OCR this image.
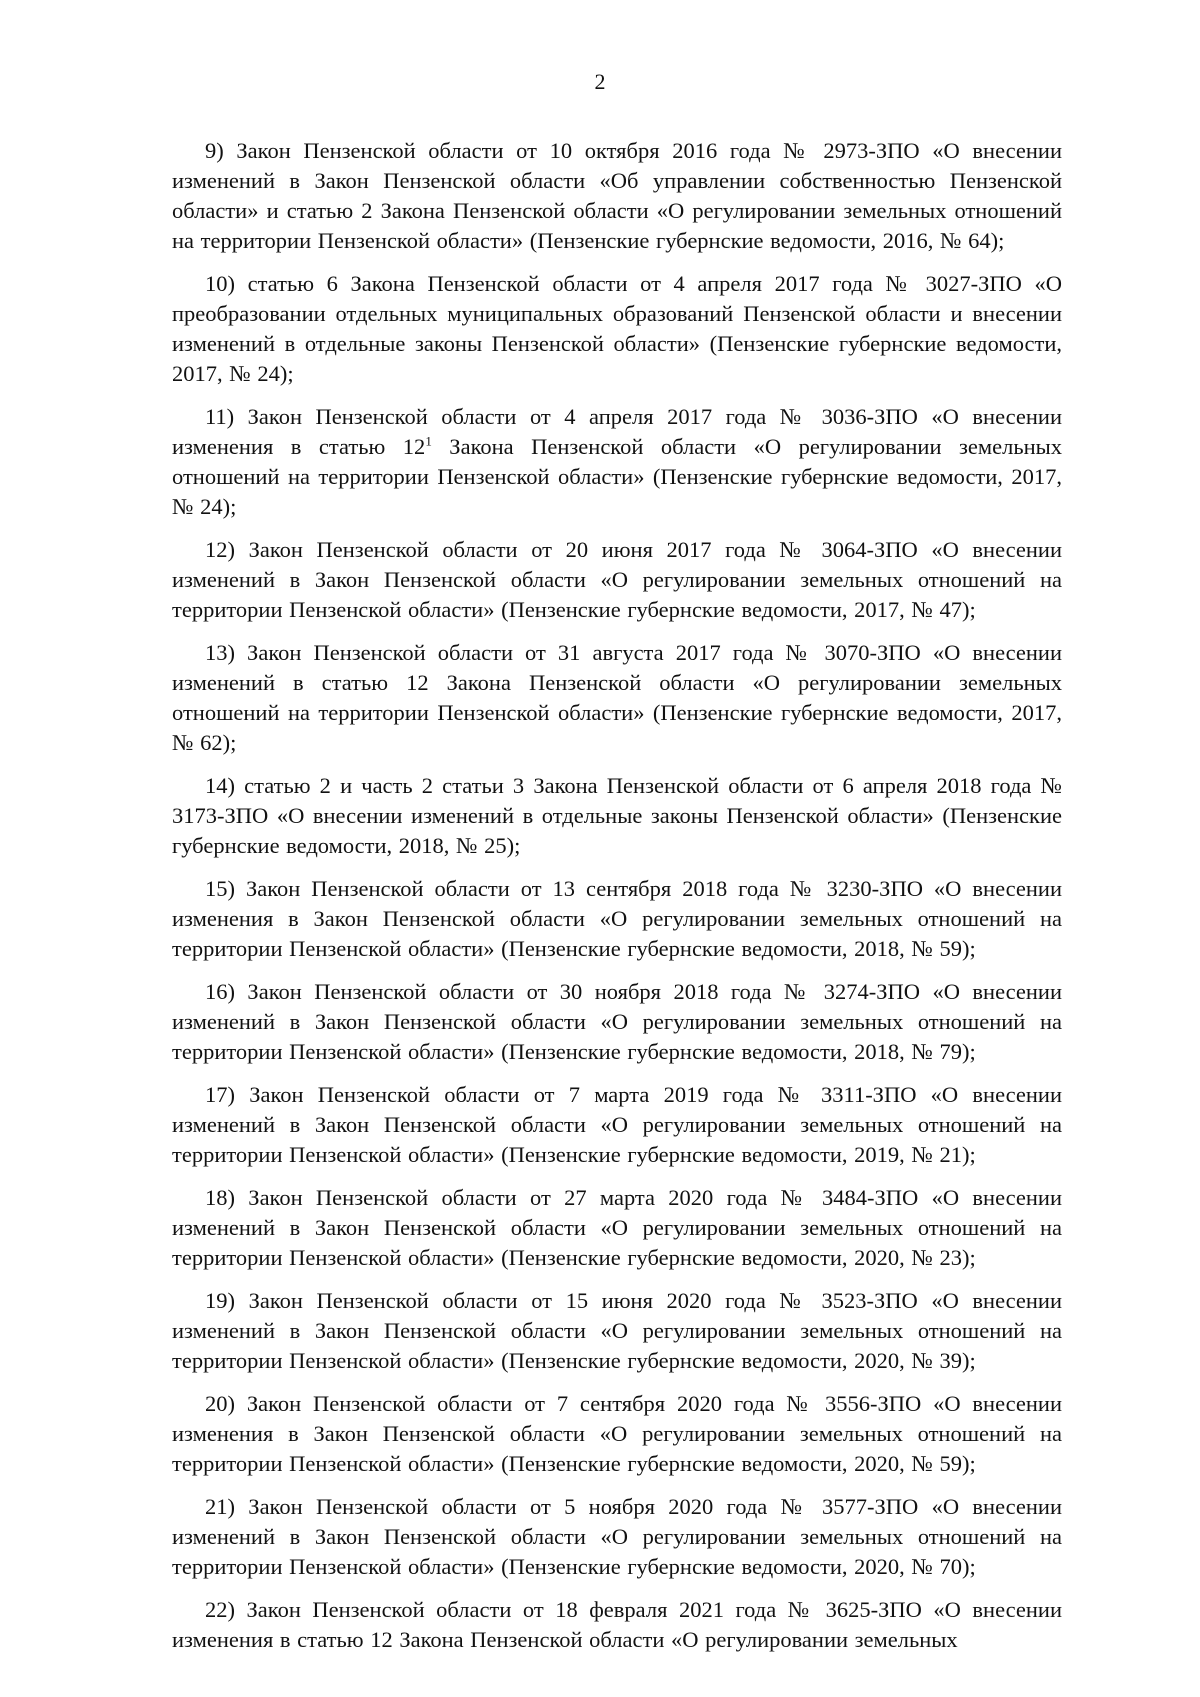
2

9) Закон Пензенской области от 10 октября 2016 года № 2973-ЗПО «О внесении изменений в Закон Пензенской области «Об управлении собственностью Пензенской области» и статью 2 Закона Пензенской области «О регулировании земельных отношений на территории Пензенской области» (Пензенские губернские ведомости, 2016, № 64);

10) статью 6 Закона Пензенской области от 4 апреля 2017 года № 3027-ЗПО «О преобразовании отдельных муниципальных образований Пензенской области и внесении изменений в отдельные законы Пензенской области» (Пензенские губернские ведомости, 2017, № 24);

11) Закон Пензенской области от 4 апреля 2017 года № 3036-ЗПО «О внесении изменения в статью $12^1$ Закона Пензенской области «О регулировании земельных отношений на территории Пензенской области» (Пензенские губернские ведомости, 2017, № 24);

12) Закон Пензенской области от 20 июня 2017 года № 3064-ЗПО «О внесении изменений в Закон Пензенской области «О регулировании земельных отношений на территории Пензенской области» (Пензенские губернские ведомости, 2017, № 47);

13) Закон Пензенской области от 31 августа 2017 года № 3070-ЗПО «О внесении изменений в статью 12 Закона Пензенской области «О регулировании земельных отношений на территории Пензенской области» (Пензенские губернские ведомости, 2017, № 62);

14) статью 2 и часть 2 статьи 3 Закона Пензенской области от 6 апреля 2018 года № 3173-ЗПО «О внесении изменений в отдельные законы Пензенской области» (Пензенские губернские ведомости, 2018, № 25);

15) Закон Пензенской области от 13 сентября 2018 года № 3230-ЗПО «О внесении изменения в Закон Пензенской области «О регулировании земельных отношений на территории Пензенской области» (Пензенские губернские ведомости, 2018, № 59);

16) Закон Пензенской области от 30 ноября 2018 года № 3274-ЗПО «О внесении изменений в Закон Пензенской области «О регулировании земельных отношений на территории Пензенской области» (Пензенские губернские ведомости, 2018, № 79);

17) Закон Пензенской области от 7 марта 2019 года № 3311-ЗПО «О внесении изменений в Закон Пензенской области «О регулировании земельных отношений на территории Пензенской области» (Пензенские губернские ведомости, 2019, № 21);

18) Закон Пензенской области от 27 марта 2020 года № 3484-ЗПО «О внесении изменений в Закон Пензенской области «О регулировании земельных отношений на территории Пензенской области» (Пензенские губернские ведомости, 2020, № 23);

19) Закон Пензенской области от 15 июня 2020 года № 3523-ЗПО «О внесении изменений в Закон Пензенской области «О регулировании земельных отношений на территории Пензенской области» (Пензенские губернские ведомости, 2020, № 39);

20) Закон Пензенской области от 7 сентября 2020 года № 3556-ЗПО «О внесении изменения в Закон Пензенской области «О регулировании земельных отношений на территории Пензенской области» (Пензенские губернские ведомости, 2020, № 59);

21) Закон Пензенской области от 5 ноября 2020 года № 3577-ЗПО «О внесении изменений в Закон Пензенской области «О регулировании земельных отношений на территории Пензенской области» (Пензенские губернские ведомости, 2020, № 70);

22) Закон Пензенской области от 18 февраля 2021 года № 3625-ЗПО «О внесении изменения в статью 12 Закона Пензенской области «О регулировании земельных
